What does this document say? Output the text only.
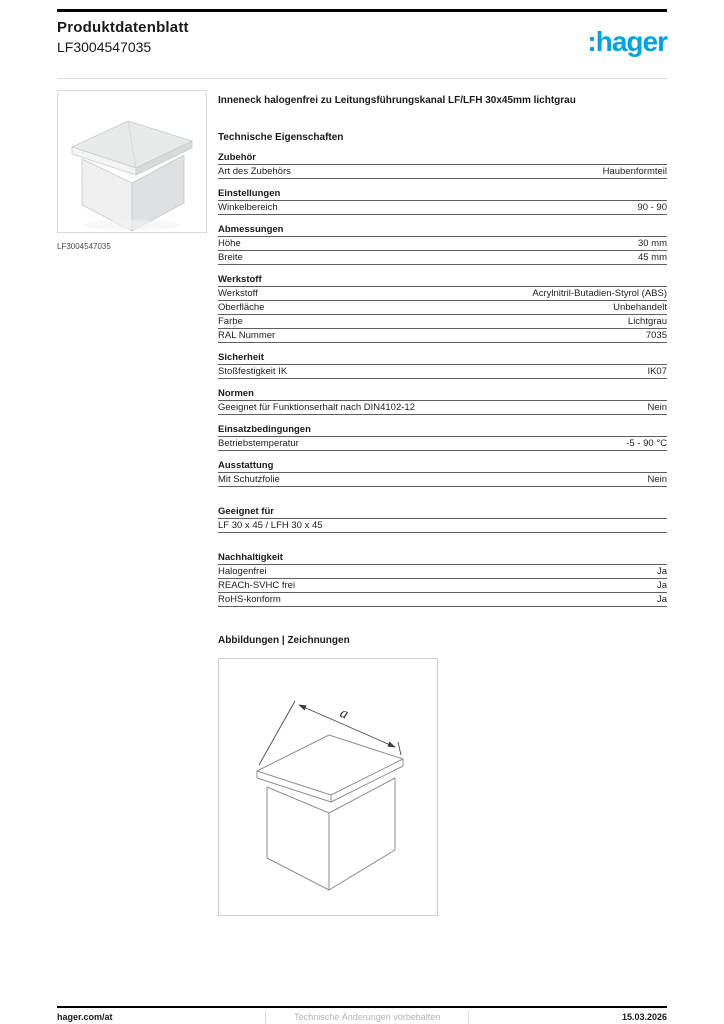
Produktdatenblatt
LF3004547035	:hager
LF3004547035
Inneneck halogenfrei zu Leitungsführungskanal LF/LFH 30x45mm lichtgrau
Technische Eigenschaften
Zubehör
Art des Zubehörs	Haubenformteil
Einstellungen
Winkelbereich	90 - 90
Abmessungen
Höhe	30 mm
Breite	45 mm
Werkstoff
Werkstoff	Acrylnitril-Butadien-Styrol (ABS)
Oberfläche	Unbehandelt
Farbe	Lichtgrau
RAL Nummer	7035
Sicherheit
Stoßfestigkeit IK	IK07
Normen
Geeignet für Funktionserhalt nach DIN4102-12	Nein
Einsatzbedingungen
Betriebstemperatur	-5 - 90 °C
Ausstattung
Mit Schutzfolie	Nein
Geeignet für
LF 30 x 45 / LFH 30 x 45
Nachhaltigkeit
Halogenfrei	Ja
REACh-SVHC frei	Ja
RoHS-konform	Ja
Abbildungen | Zeichnungen
a
hager.com/at	Technische Änderungen vorbehalten	15.03.2026
